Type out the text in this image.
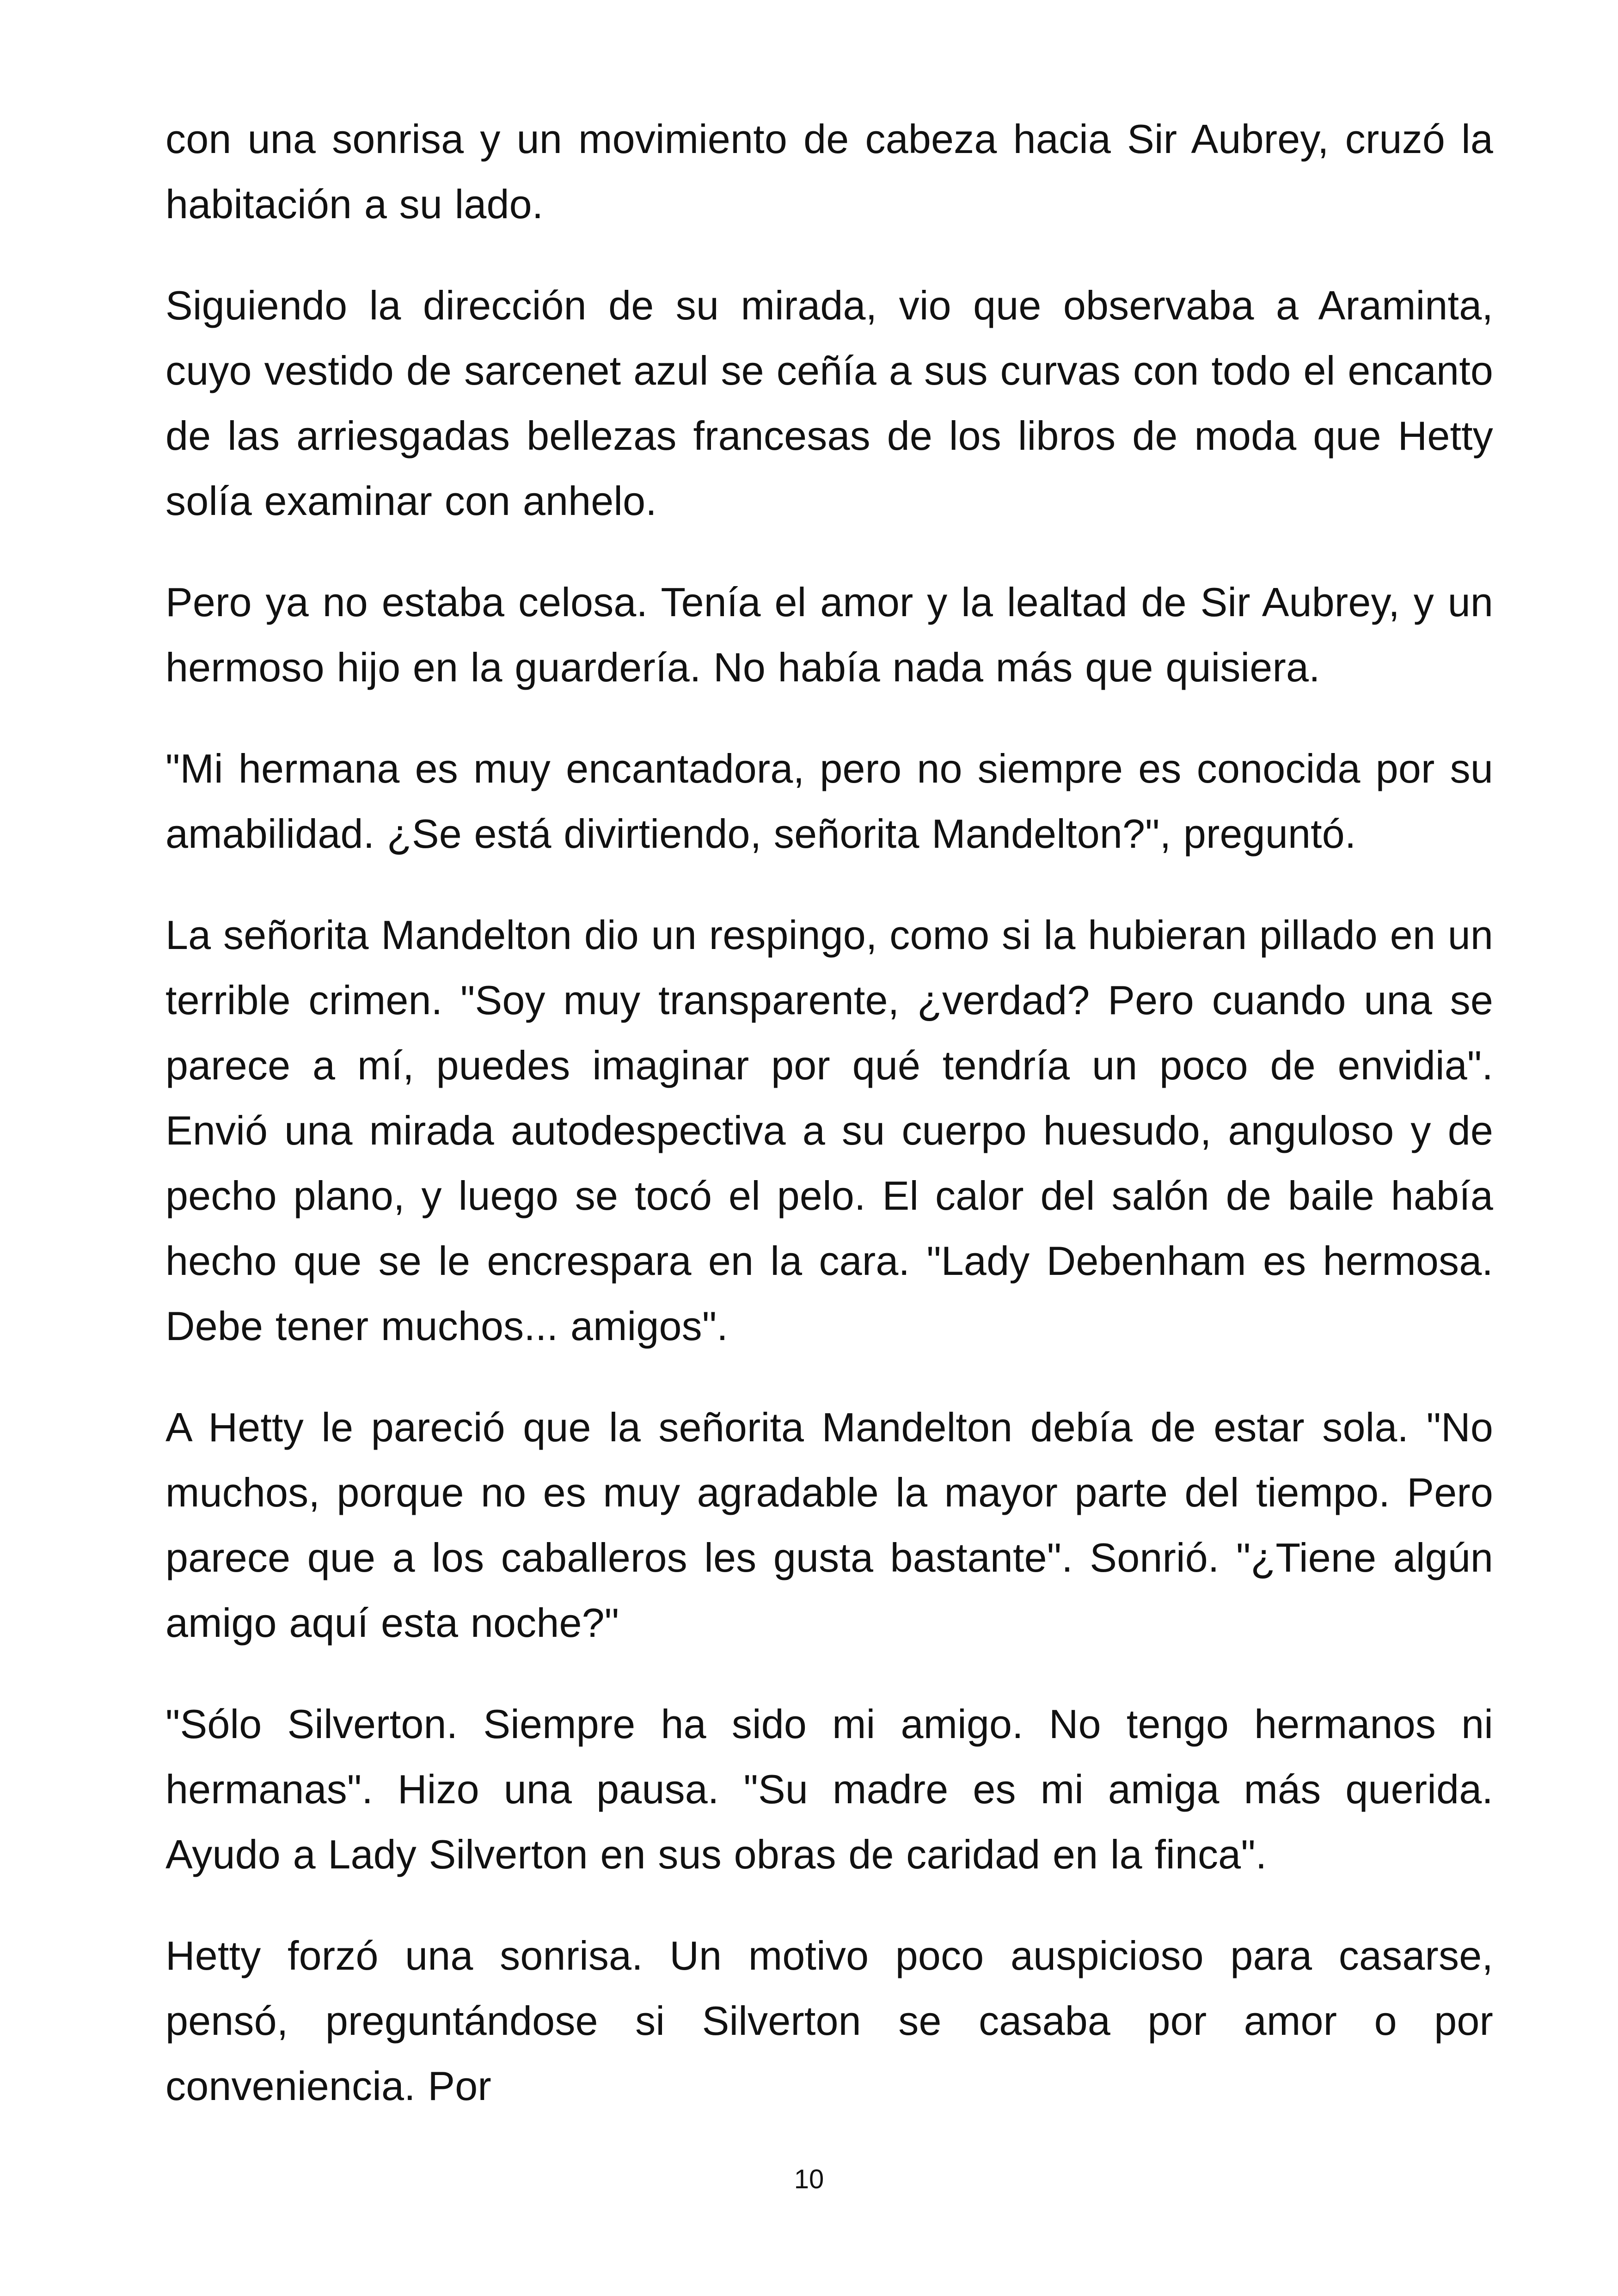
con una sonrisa y un movimiento de cabeza hacia Sir Aubrey, cruzó la habitación a su lado.

Siguiendo la dirección de su mirada, vio que observaba a Araminta, cuyo vestido de sarcenet azul se ceñía a sus curvas con todo el encanto de las arriesgadas bellezas francesas de los libros de moda que Hetty solía examinar con anhelo.

Pero ya no estaba celosa. Tenía el amor y la lealtad de Sir Aubrey, y un hermoso hijo en la guardería. No había nada más que quisiera.

"Mi hermana es muy encantadora, pero no siempre es conocida por su amabilidad. ¿Se está divirtiendo, señorita Mandelton?", preguntó.

La señorita Mandelton dio un respingo, como si la hubieran pillado en un terrible crimen. "Soy muy transparente, ¿verdad? Pero cuando una se parece a mí, puedes imaginar por qué tendría un poco de envidia". Envió una mirada autodespectiva a su cuerpo huesudo, anguloso y de pecho plano, y luego se tocó el pelo. El calor del salón de baile había hecho que se le encrespara en la cara. "Lady Debenham es hermosa. Debe tener muchos... amigos".

A Hetty le pareció que la señorita Mandelton debía de estar sola. "No muchos, porque no es muy agradable la mayor parte del tiempo. Pero parece que a los caballeros les gusta bastante". Sonrió. "¿Tiene algún amigo aquí esta noche?"

"Sólo Silverton. Siempre ha sido mi amigo. No tengo hermanos ni hermanas". Hizo una pausa. "Su madre es mi amiga más querida. Ayudo a Lady Silverton en sus obras de caridad en la finca".

Hetty forzó una sonrisa. Un motivo poco auspicioso para casarse, pensó, preguntándose si Silverton se casaba por amor o por conveniencia. Por

10
